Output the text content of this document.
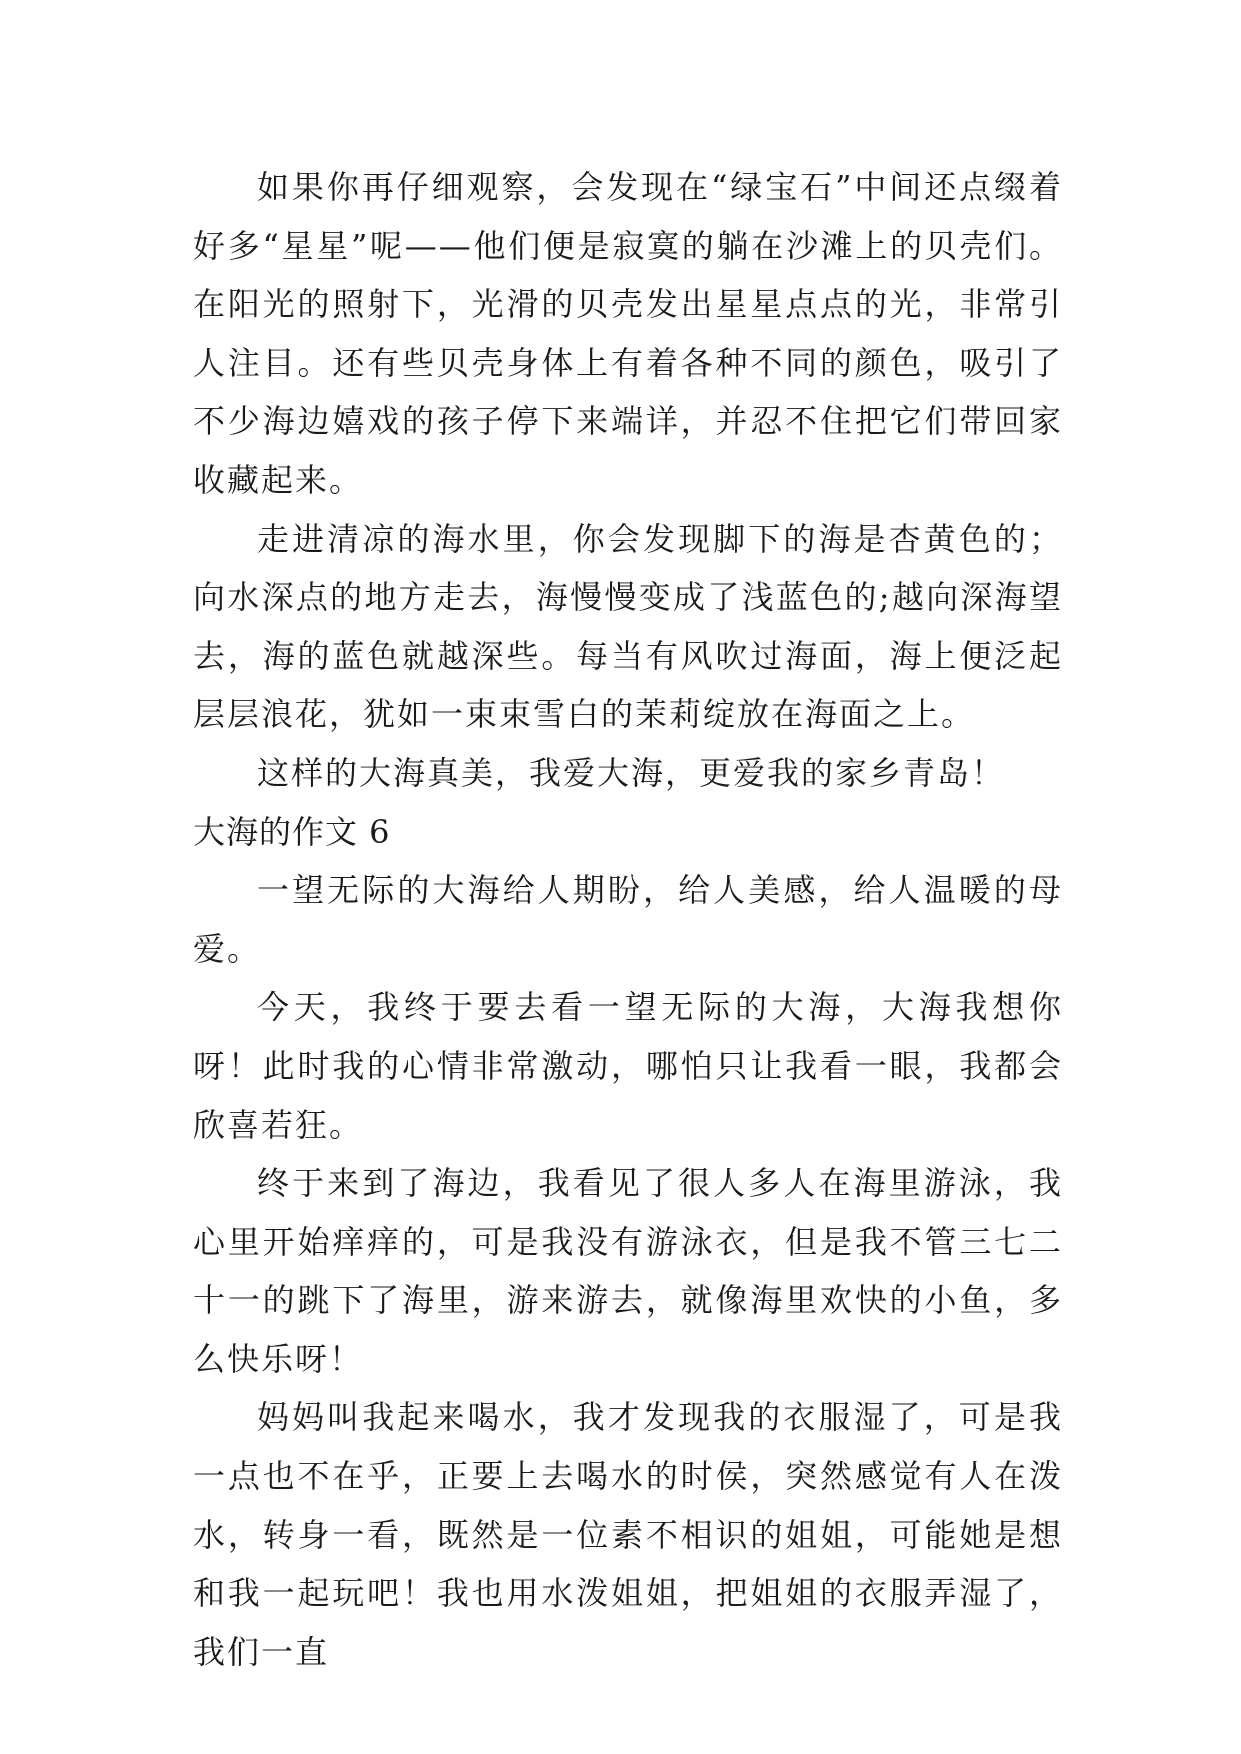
如果你再仔细观察，会发现在“绿宝石”中间还点缀着好多“星星”呢——他们便是寂寞的躺在沙滩上的贝壳们。在阳光的照射下，光滑的贝壳发出星星点点的光，非常引人注目。还有些贝壳身体上有着各种不同的颜色，吸引了不少海边嬉戏的孩子停下来端详，并忍不住把它们带回家收藏起来。

走进清凉的海水里，你会发现脚下的海是杏黄色的；向水深点的地方走去，海慢慢变成了浅蓝色的;越向深海望去，海的蓝色就越深些。每当有风吹过海面，海上便泛起层层浪花，犹如一束束雪白的茉莉绽放在海面之上。

这样的大海真美，我爱大海，更爱我的家乡青岛！

大海的作文 6

一望无际的大海给人期盼，给人美感，给人温暖的母爱。

今天，我终于要去看一望无际的大海，大海我想你呀！此时我的心情非常激动，哪怕只让我看一眼，我都会欣喜若狂。

终于来到了海边，我看见了很人多人在海里游泳，我心里开始痒痒的，可是我没有游泳衣，但是我不管三七二十一的跳下了海里，游来游去，就像海里欢快的小鱼，多么快乐呀！

妈妈叫我起来喝水，我才发现我的衣服湿了，可是我一点也不在乎，正要上去喝水的时侯，突然感觉有人在泼水，转身一看，既然是一位素不相识的姐姐，可能她是想和我一起玩吧！我也用水泼姐姐，把姐姐的衣服弄湿了，我们一直
